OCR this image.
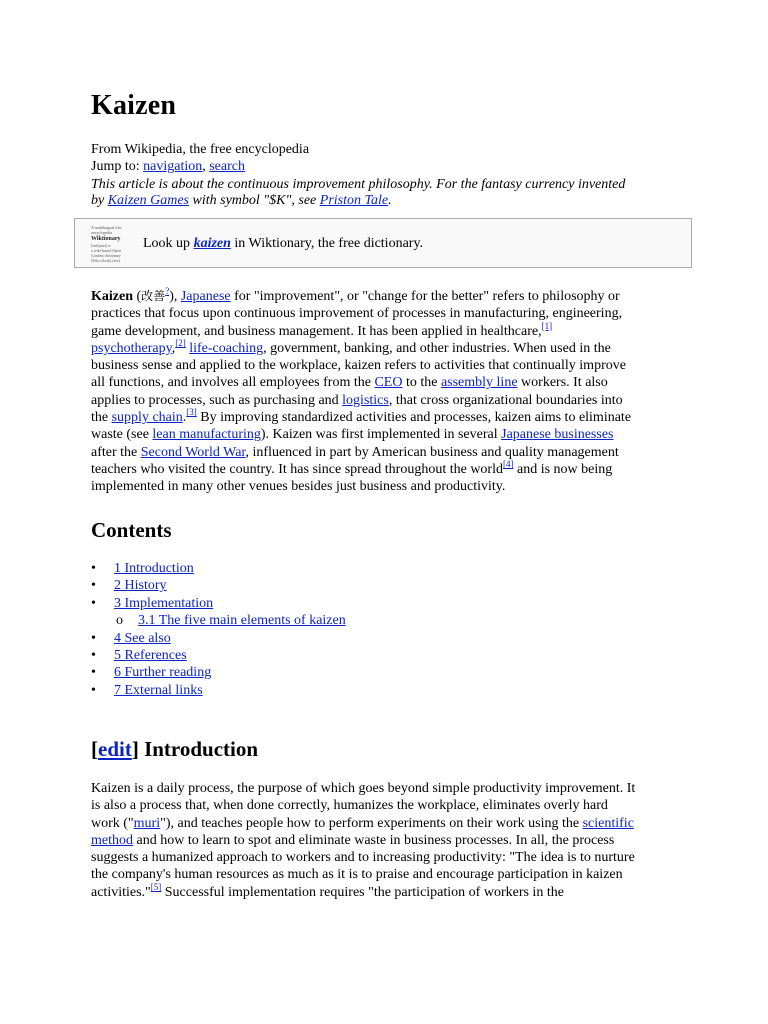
Kaizen
From Wikipedia, the free encyclopedia
Jump to: navigation, search
This article is about the continuous improvement philosophy. For the fantasy currency invented
by Kaizen Games with symbol "$K", see Priston Tale.
A multilingual free
encyclopedia
Wiktionary
[wɪkʃənrɪ] n.
a wiki-based Open
Content dictionary
Wilco (look) (see)
Look up kaizen in Wiktionary, the free dictionary.
Kaizen (改善?), Japanese for "improvement", or "change for the better" refers to philosophy or
practices that focus upon continuous improvement of processes in manufacturing, engineering,
game development, and business management. It has been applied in healthcare,[1]
psychotherapy,[2] life-coaching, government, banking, and other industries. When used in the
business sense and applied to the workplace, kaizen refers to activities that continually improve
all functions, and involves all employees from the CEO to the assembly line workers. It also
applies to processes, such as purchasing and logistics, that cross organizational boundaries into
the supply chain.[3] By improving standardized activities and processes, kaizen aims to eliminate
waste (see lean manufacturing). Kaizen was first implemented in several Japanese businesses
after the Second World War, influenced in part by American business and quality management
teachers who visited the country. It has since spread throughout the world[4] and is now being
implemented in many other venues besides just business and productivity.
Contents
• 1 Introduction
• 2 History
• 3 Implementation
o 3.1 The five main elements of kaizen
• 4 See also
• 5 References
• 6 Further reading
• 7 External links
[edit] Introduction
Kaizen is a daily process, the purpose of which goes beyond simple productivity improvement. It
is also a process that, when done correctly, humanizes the workplace, eliminates overly hard
work ("muri"), and teaches people how to perform experiments on their work using the scientific
method and how to learn to spot and eliminate waste in business processes. In all, the process
suggests a humanized approach to workers and to increasing productivity: "The idea is to nurture
the company's human resources as much as it is to praise and encourage participation in kaizen
activities."[5] Successful implementation requires "the participation of workers in the
